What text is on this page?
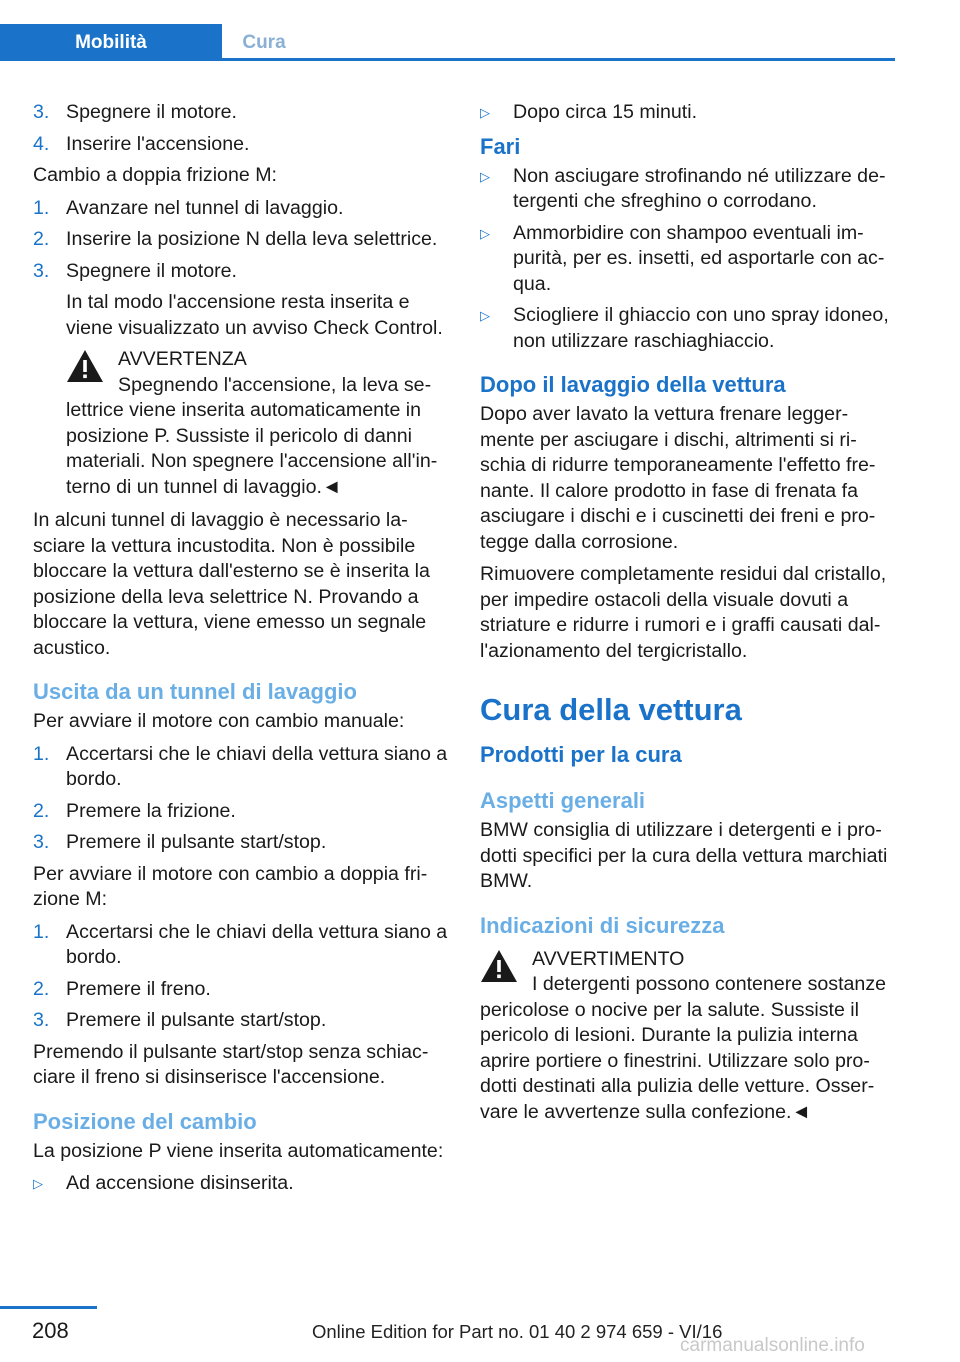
Mobilità	Cura
3. Spegnere il motore.
4. Inserire l'accensione.

Cambio a doppia frizione M:

1. Avanzare nel tunnel di lavaggio.
2. Inserire la posizione N della leva selettrice.
3. Spegnere il motore.
In tal modo l'accensione resta inserita e viene visualizzato un avviso Check Control.
AVVERTENZA

Spegnendo l'accensione, la leva se-
lettrice viene inserita automaticamente in posizione P. Sussiste il pericolo di danni materiali. Non spegnere l'accensione all'in-terno di un tunnel di lavaggio.◄

In alcuni tunnel di lavaggio è necessario la-sciare la vettura incustodita. Non è possibile bloccare la vettura dall'esterno se è inserita la posizione della leva selettrice N. Provando a bloccare la vettura, viene emesso un segnale acustico.

Uscita da un tunnel di lavaggio

Per avviare il motore con cambio manuale:

1. Accertarsi che le chiavi della vettura siano a bordo.
2. Premere la frizione.
3. Premere il pulsante start/stop.

Per avviare il motore con cambio a doppia fri-zione M:

1. Accertarsi che le chiavi della vettura siano a bordo.
2. Premere il freno.
3. Premere il pulsante start/stop.

Premendo il pulsante start/stop senza schiac-ciare il freno si disinserisce l'accensione.

Posizione del cambio

La posizione P viene inserita automaticamente:

▷ Ad accensione disinserita.
▷ Dopo circa 15 minuti.
Fari
▷ Non asciugare strofinando né utilizzare de-tergenti che sfreghino o corrodano.
▷ Ammorbidire con shampoo eventuali im-purità, per es. insetti, ed asportarle con ac-qua.
▷ Sciogliere il ghiaccio con uno spray idoneo, non utilizzare raschiaghiaccio.
Dopo il lavaggio della vettura

Dopo aver lavato la vettura frenare legger-mente per asciugare i dischi, altrimenti si ri-schia di ridurre temporaneamente l'effetto fre-nante. Il calore prodotto in fase di frenata fa asciugare i dischi e i cuscinetti dei freni e pro-tegge dalla corrosione.

Rimuovere completamente residui dal cristallo, per impedire ostacoli della visuale dovuti a striature e ridurre i rumori e i graffi causati dal-l'azionamento del tergicristallo.

Cura della vettura
Prodotti per la cura
Aspetti generali

BMW consiglia di utilizzare i detergenti e i pro-dotti specifici per la cura della vettura marchiati BMW.

Indicazioni di sicurezza
AVVERTIMENTO

I detergenti possono contenere sostanze
pericolose o nocive per la salute. Sussiste il pericolo di lesioni. Durante la pulizia interna aprire portiere o finestrini. Utilizzare solo pro-dotti destinati alla pulizia delle vetture. Osser-vare le avvertenze sulla confezione.◄

208	Online Edition for Part no. 01 40 2 974 659 - VI/16
carmanualsonline.info
